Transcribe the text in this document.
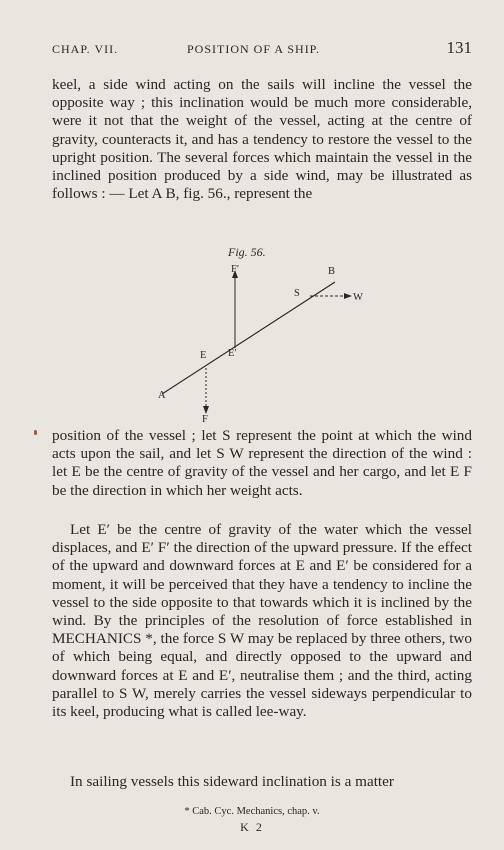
CHAP. VII.	POSITION OF A SHIP.	131
keel, a side wind acting on the sails will incline the vessel the opposite way ; this inclination would be much more considerable, were it not that the weight of the vessel, acting at the centre of gravity, counteracts it, and has a tendency to restore the vessel to the upright position. The several forces which maintain the vessel in the inclined position produced by a side wind, may be illustrated as follows : — Let A B, fig. 56., represent the
Fig. 56.
F′	B
S	W
E E′
A
F
position of the vessel ; let S represent the point at which the wind acts upon the sail, and let S W represent the direction of the wind : let E be the centre of gravity of the vessel and her cargo, and let E F be the direction in which her weight acts.
Let E′ be the centre of gravity of the water which the vessel displaces, and E′ F′ the direction of the upward pressure. If the effect of the upward and downward forces at E and E′ be considered for a moment, it will be perceived that they have a tendency to incline the vessel to the side opposite to that towards which it is inclined by the wind. By the principles of the resolution of force established in MECHANICS *, the force S W may be replaced by three others, two of which being equal, and directly opposed to the upward and downward forces at E and E′, neutralise them ; and the third, acting parallel to S W, merely carries the vessel sideways perpendicular to its keel, producing what is called lee-way.
In sailing vessels this sideward inclination is a matter
* Cab. Cyc. Mechanics, chap. v.
K 2
